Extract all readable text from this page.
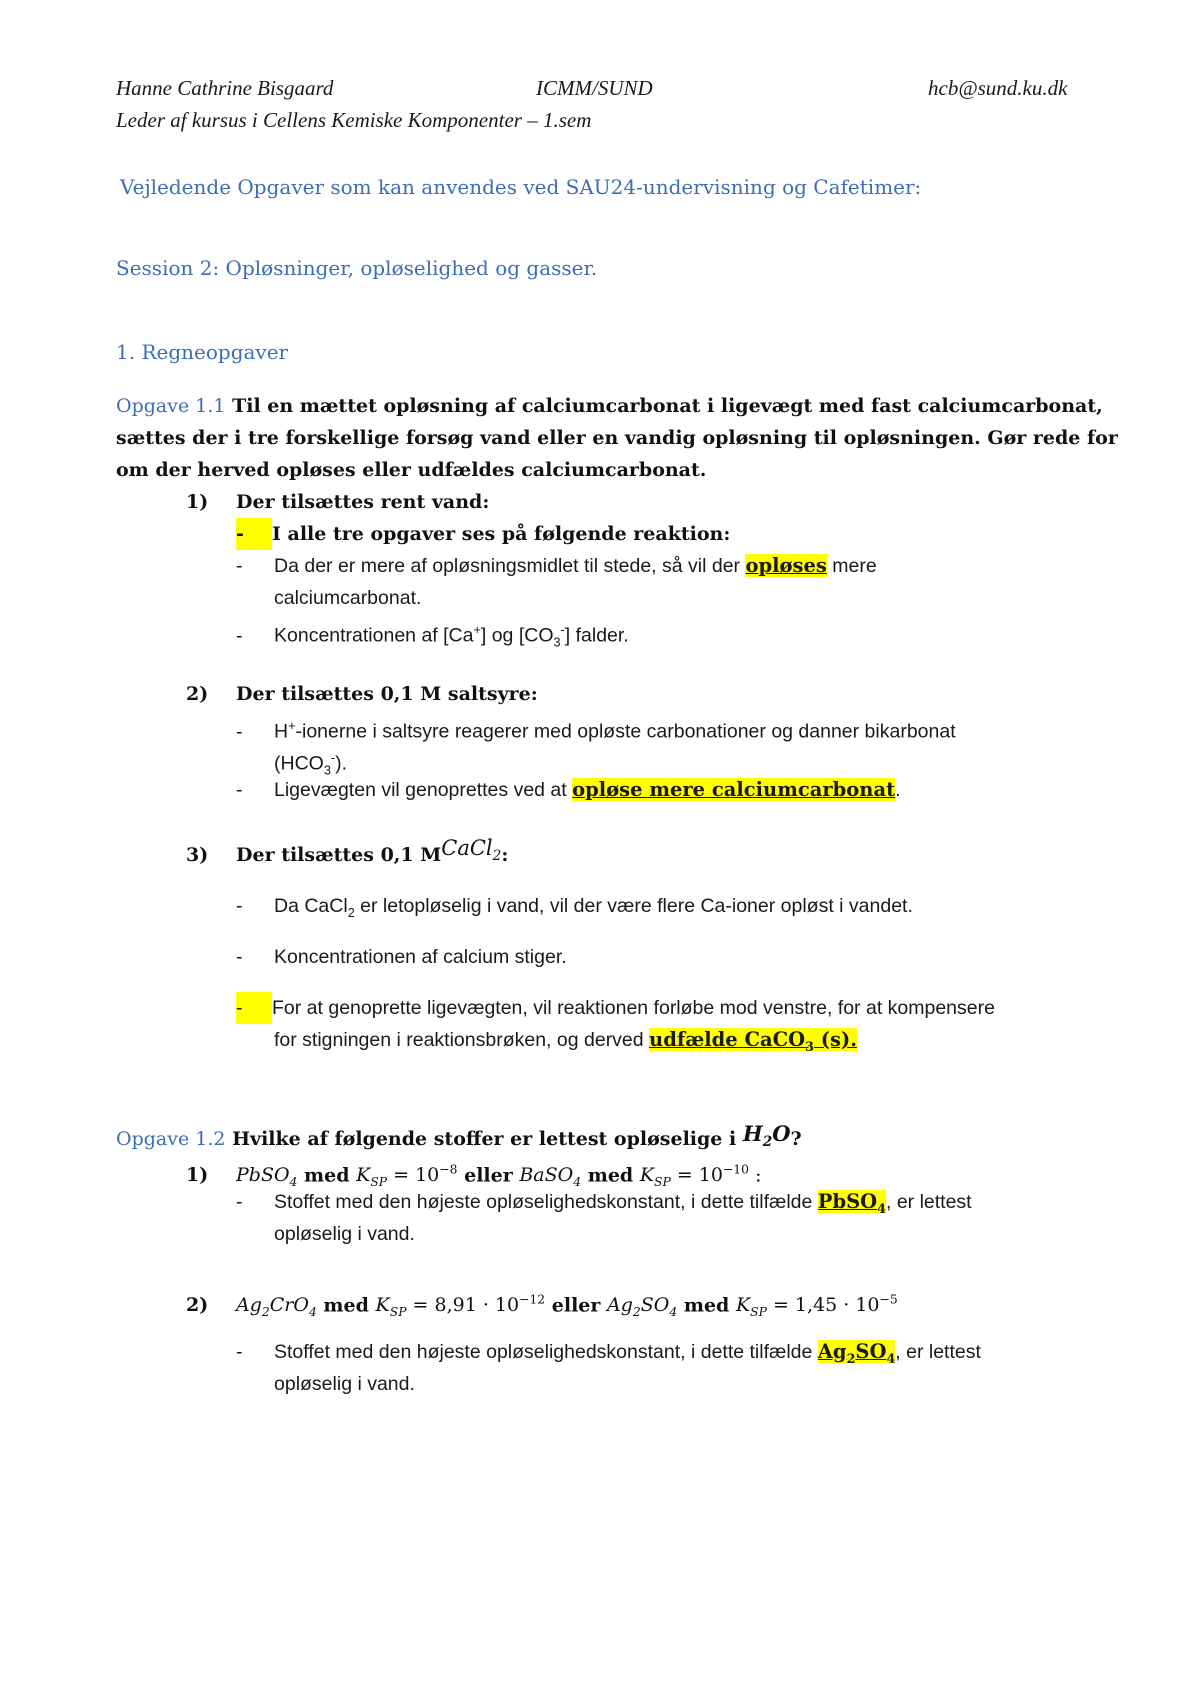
Hanne Cathrine Bisgaard	ICMM/SUND	hcb@sund.ku.dk
Leder af kursus i Cellens Kemiske Komponenter – 1.sem
Vejledende Opgaver som kan anvendes ved SAU24-undervisning og Cafetimer:
Session 2: Opløsninger, opløselighed og gasser.
1. Regneopgaver
Opgave 1.1 Til en mættet opløsning af calciumcarbonat i ligevægt med fast calciumcarbonat,
sættes der i tre forskellige forsøg vand eller en vandig opløsning til opløsningen. Gør rede for
om der herved opløses eller udfældes calciumcarbonat.
1) Der tilsættes rent vand:
- I alle tre opgaver ses på følgende reaktion:
- Da der er mere af opløsningsmidlet til stede, så vil der opløses mere
calciumcarbonat.
- Koncentrationen af [Ca+] og $[CO_3^-]$ falder.
2) Der tilsættes 0,1 M saltsyre:
- H+-ionerne i saltsyre reagerer med opløste carbonationer og danner bikarbonat
$(HCO_3^-)$.
- Ligevægten vil genoprettes ved at opløse mere calciumcarbonat.
3) Der tilsættes 0,1 MCaCl$_2$:
- Da CaCl$_2$ er letopløselig i vand, vil der være flere Ca-ioner opløst i vandet.
- Koncentrationen af calcium stiger.
- For at genoprette ligevægten, vil reaktionen forløbe mod venstre, for at kompensere
for stigningen i reaktionsbrøken, og derved udfælde CaCO$_3$ (s).
Opgave 1.2 Hvilke af følgende stoffer er lettest opløselige i $H_2O$?
1) PbSO$_4$ med $K_{SP} = 10^{-8}$ eller BaSO$_4$ med $K_{SP} = 10^{-10}$ :
- Stoffet med den højeste opløselighedskonstant, i dette tilfælde PbSO$_4$, er lettest
opløselig i vand.
2) $Ag_2CrO_4$ med $K_{SP} = 8,91 \cdot 10^{-12}$ eller $Ag_2SO_4$ med $K_{SP} = 1,45 \cdot 10^{-5}$
- Stoffet med den højeste opløselighedskonstant, i dette tilfælde $Ag_2SO_4$, er lettest
opløselig i vand.
